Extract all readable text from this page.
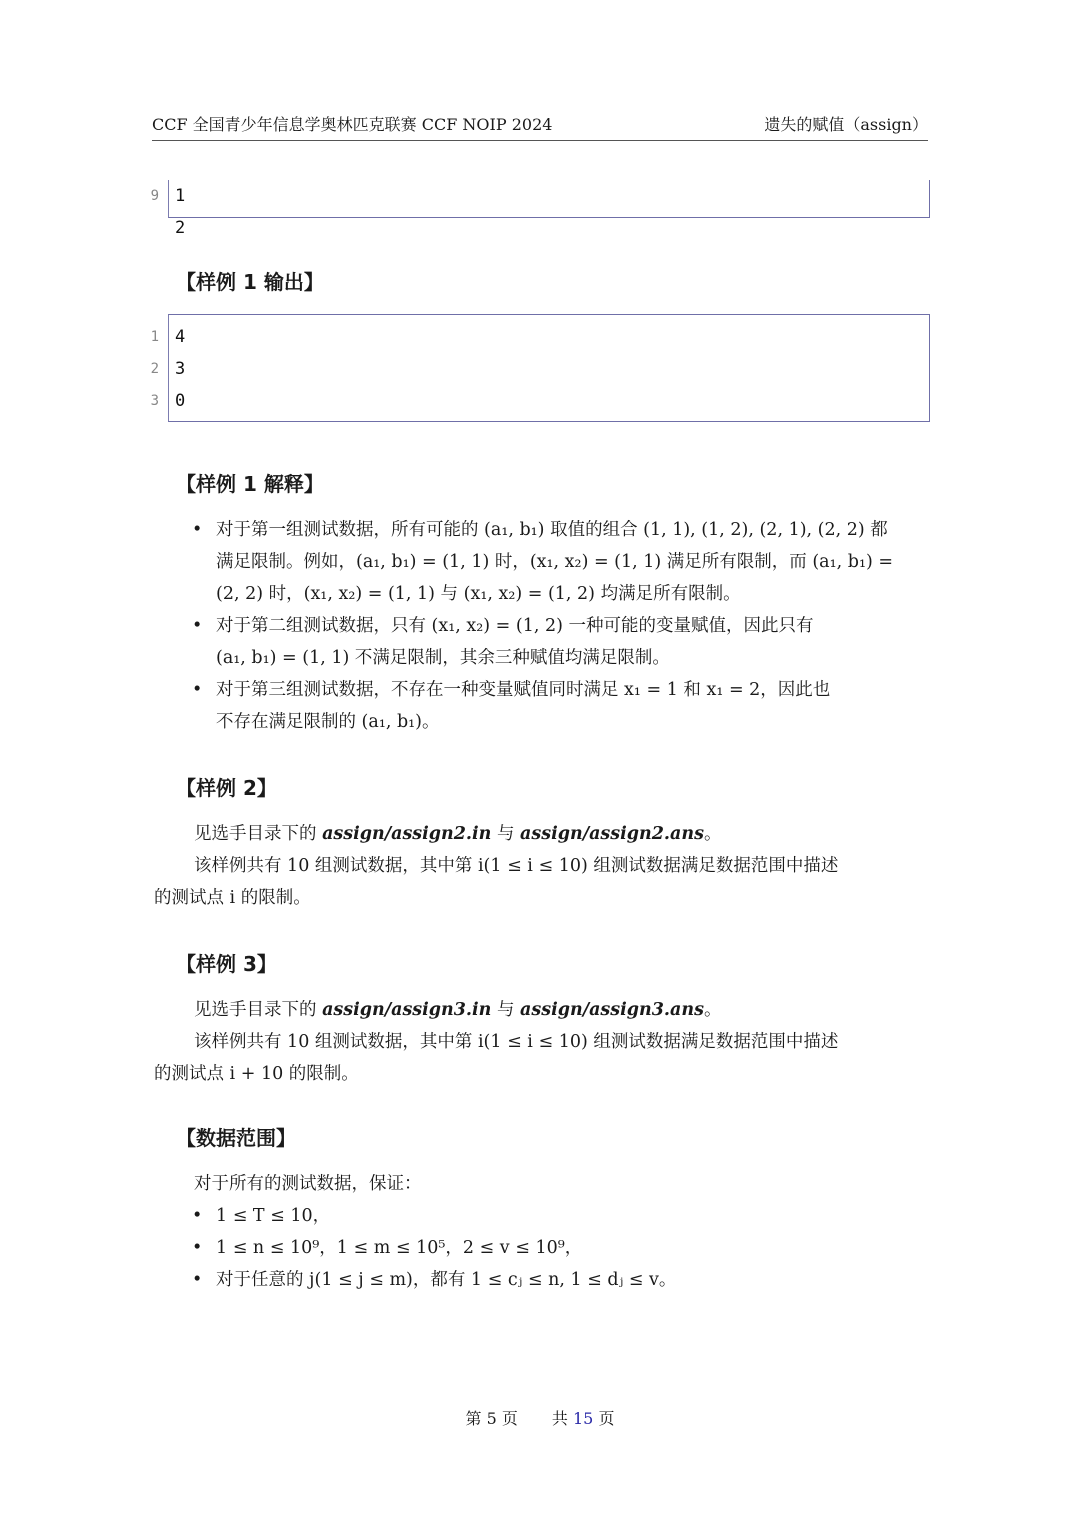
CCF 全国青少年信息学奥林匹克联赛 CCF NOIP 2024	遗失的赋值（assign）
9 1 2
【样例 1 输出】
1 4
2 3
3 0
【样例 1 解释】
• 对于第一组测试数据，所有可能的 (a₁, b₁) 取值的组合 (1, 1), (1, 2), (2, 1), (2, 2) 都
满足限制。例如，(a₁, b₁) = (1, 1) 时，(x₁, x₂) = (1, 1) 满足所有限制，而 (a₁, b₁) =
(2, 2) 时，(x₁, x₂) = (1, 1) 与 (x₁, x₂) = (1, 2) 均满足所有限制。
• 对于第二组测试数据，只有 (x₁, x₂) = (1, 2) 一种可能的变量赋值，因此只有
(a₁, b₁) = (1, 1) 不满足限制，其余三种赋值均满足限制。
• 对于第三组测试数据，不存在一种变量赋值同时满足 x₁ = 1 和 x₁ = 2，因此也
不存在满足限制的 (a₁, b₁)。
【样例 2】
见选手目录下的 assign/assign2.in 与 assign/assign2.ans。
该样例共有 10 组测试数据，其中第 i(1 ≤ i ≤ 10) 组测试数据满足数据范围中描述
的测试点 i 的限制。
【样例 3】
见选手目录下的 assign/assign3.in 与 assign/assign3.ans。
该样例共有 10 组测试数据，其中第 i(1 ≤ i ≤ 10) 组测试数据满足数据范围中描述
的测试点 i + 10 的限制。
【数据范围】
对于所有的测试数据，保证：
• 1 ≤ T ≤ 10，
• 1 ≤ n ≤ 10⁹，1 ≤ m ≤ 10⁵，2 ≤ v ≤ 10⁹，
• 对于任意的 j(1 ≤ j ≤ m)，都有 1 ≤ cⱼ ≤ n, 1 ≤ dⱼ ≤ v。
第 5 页 共 15 页
